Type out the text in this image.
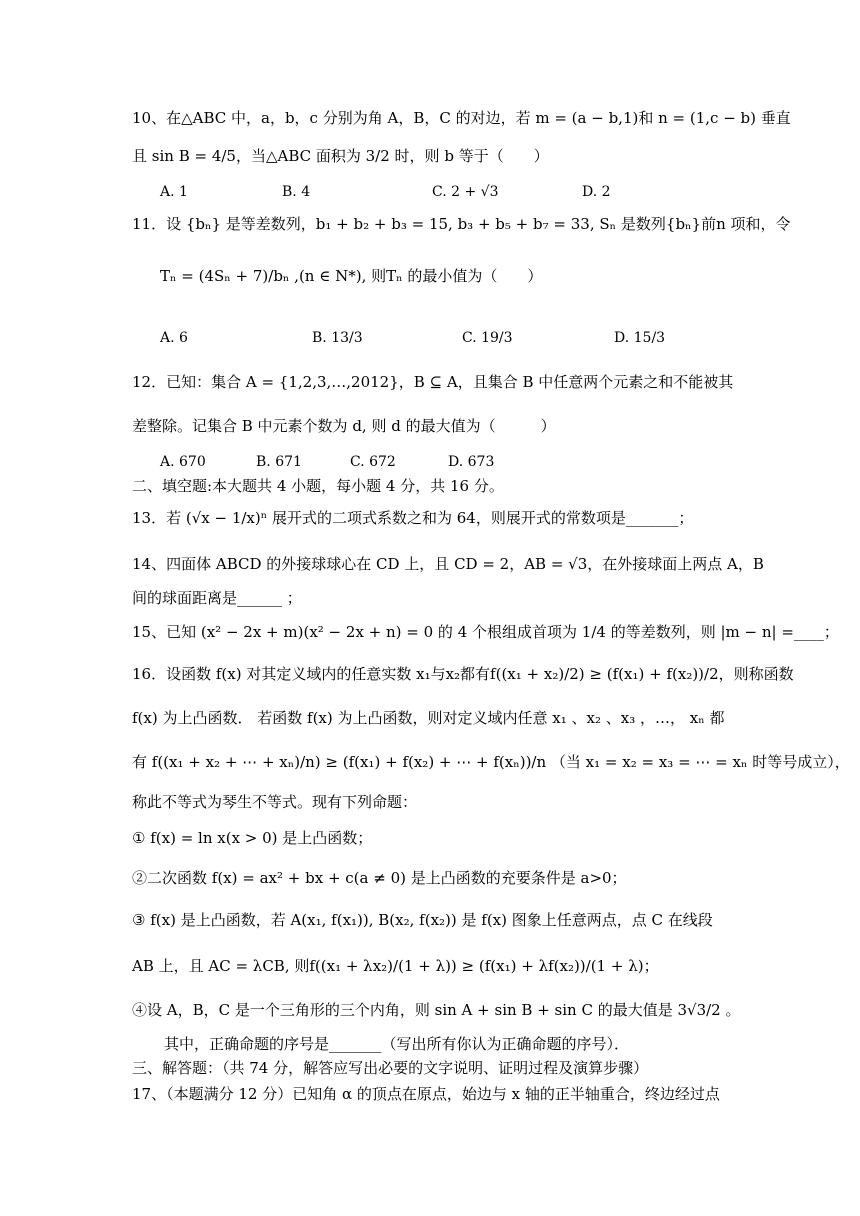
10、在△ABC 中，a，b，c 分别为角 A，B，C 的对边，若 m = (a − b,1)和 n = (1,c − b) 垂直
且 sin B = 4/5，当△ABC 面积为 3/2 时，则 b 等于（　　）
A. 1	B. 4	C. 2 + √3	D. 2
11．设 {bₙ} 是等差数列，b₁ + b₂ + b₃ = 15, b₃ + b₅ + b₇ = 33, Sₙ 是数列{bₙ}前n 项和，令
Tₙ = (4Sₙ + 7)/bₙ ,(n ∈ N*), 则Tₙ 的最小值为（　　）
A. 6	B. 13/3	C. 19/3	D. 15/3
12．已知：集合 A = {1,2,3,…,2012}，B ⊆ A，且集合 B 中任意两个元素之和不能被其
差整除。记集合 B 中元素个数为 d, 则 d 的最大值为（　　　）
A. 670	B. 671	C. 672	D. 673
二、填空题:本大题共 4 小题，每小题 4 分，共 16 分。
13．若 (√x − 1/x)ⁿ 展开式的二项式系数之和为 64，则展开式的常数项是_______；
14、四面体 ABCD 的外接球球心在 CD 上，且 CD = 2，AB = √3，在外接球面上两点 A，B
间的球面距离是______ ；
15、已知 (x² − 2x + m)(x² − 2x + n) = 0 的 4 个根组成首项为 1/4 的等差数列，则 |m − n| =____；
16．设函数 f(x) 对其定义域内的任意实数 x₁与x₂都有f((x₁ + x₂)/2) ≥ (f(x₁) + f(x₂))/2，则称函数
f(x) 为上凸函数． 若函数 f(x) 为上凸函数，则对定义域内任意 x₁ 、x₂ 、x₃ ，…， xₙ 都
有 f((x₁ + x₂ + ⋯ + xₙ)/n) ≥ (f(x₁) + f(x₂) + ⋯ + f(xₙ))/n （当 x₁ = x₂ = x₃ = ⋯ = xₙ 时等号成立），
称此不等式为琴生不等式。现有下列命题：
① f(x) = ln x(x > 0) 是上凸函数；
②二次函数 f(x) = ax² + bx + c(a ≠ 0) 是上凸函数的充要条件是 a>0；
③ f(x) 是上凸函数，若 A(x₁, f(x₁)), B(x₂, f(x₂)) 是 f(x) 图象上任意两点，点 C 在线段
AB 上，且 AC = λCB, 则f((x₁ + λx₂)/(1 + λ)) ≥ (f(x₁) + λf(x₂))/(1 + λ)；
④设 A，B，C 是一个三角形的三个内角，则 sin A + sin B + sin C 的最大值是 3√3/2 。
其中，正确命题的序号是_______（写出所有你认为正确命题的序号）．
三、解答题：（共 74 分，解答应写出必要的文字说明、证明过程及演算步骤）
17、（本题满分 12 分）已知角 α 的顶点在原点，始边与 x 轴的正半轴重合，终边经过点
